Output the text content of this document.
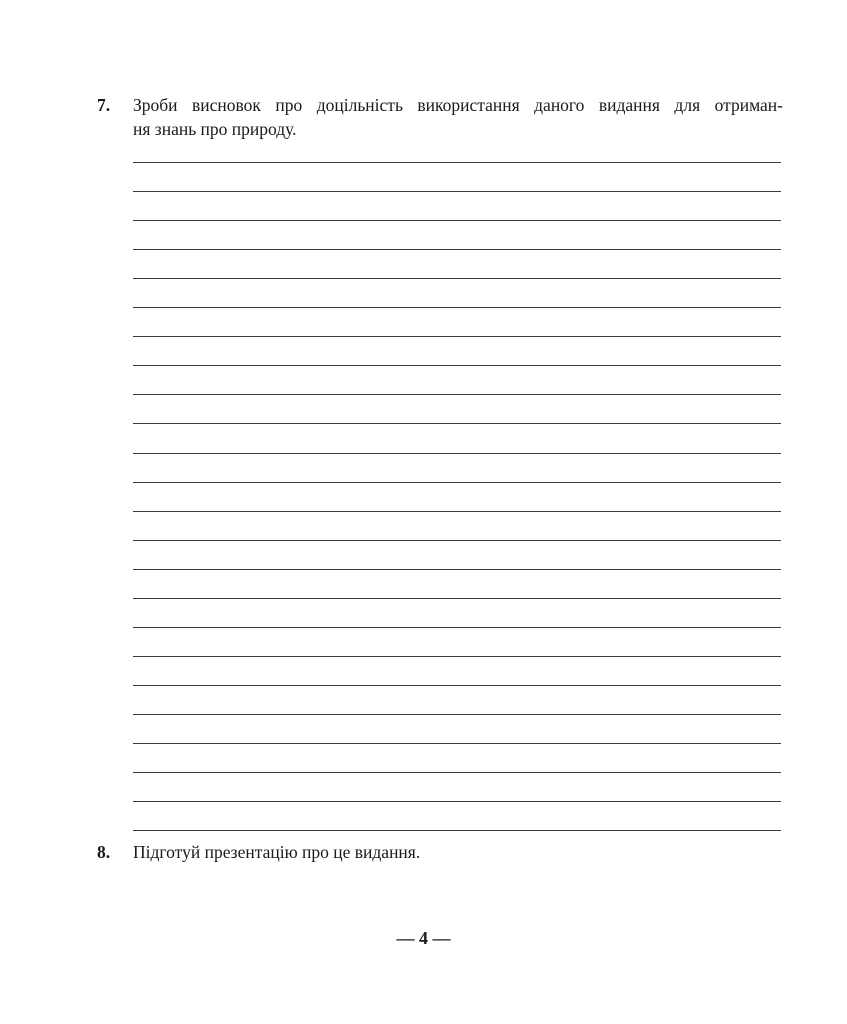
7. Зроби висновок про доцільність використання даного видання для отриман-
ня знань про природу.
8. Підготуй презентацію про це видання.
— 4 —
